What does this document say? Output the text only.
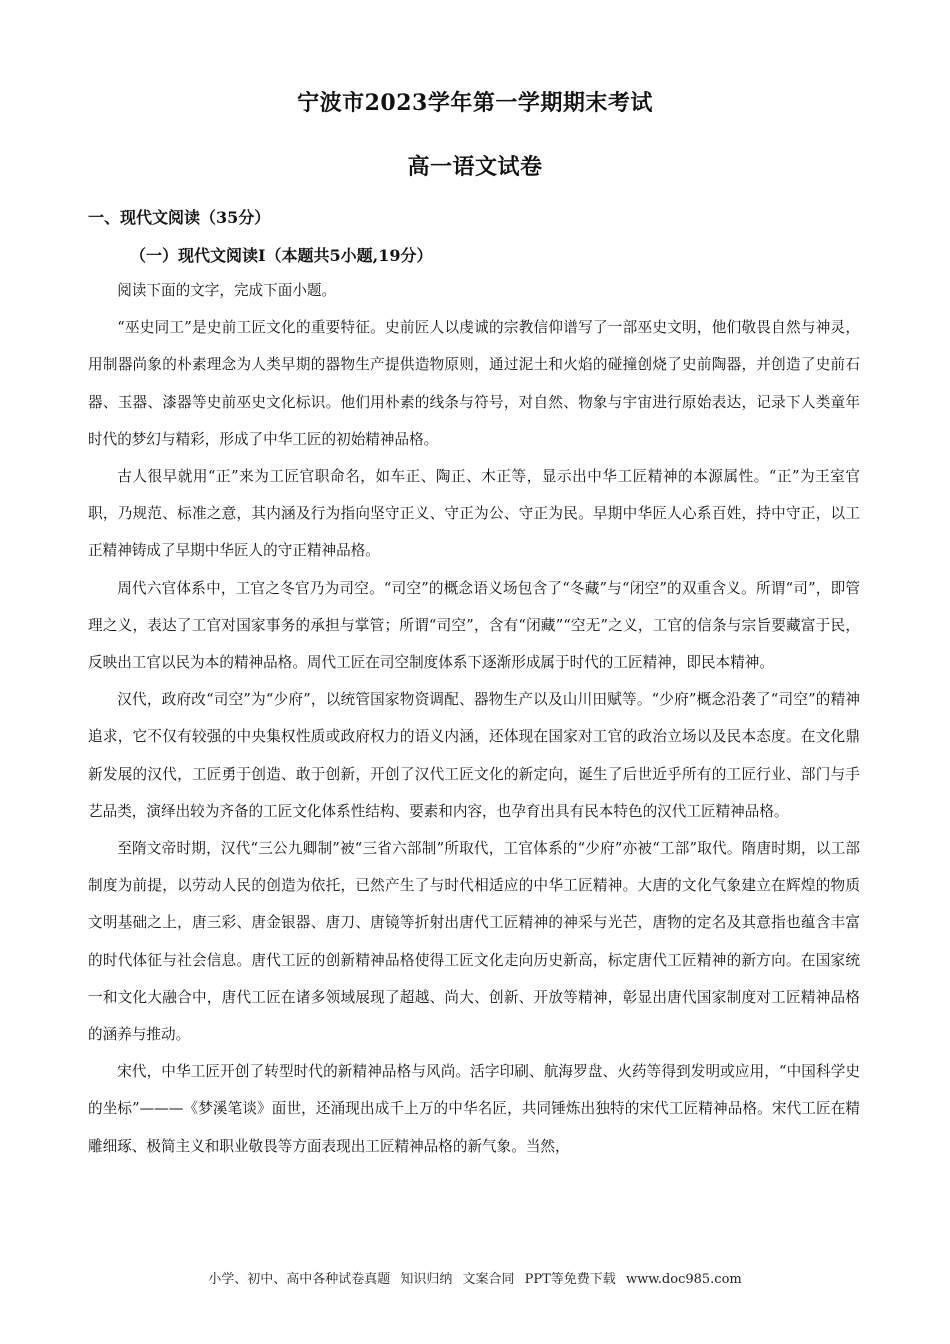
宁波市2023学年第一学期期末考试
高一语文试卷
一、现代文阅读（35分）
（一）现代文阅读Ⅰ（本题共5小题,19分）

阅读下面的文字，完成下面小题。

“巫史同工”是史前工匠文化的重要特征。史前匠人以虔诚的宗教信仰谱写了一部巫史文明，他们敬畏自然与神灵，用制器尚象的朴素理念为人类早期的器物生产提供造物原则，通过泥土和火焰的碰撞创烧了史前陶器，并创造了史前石器、玉器、漆器等史前巫史文化标识。他们用朴素的线条与符号，对自然、物象与宇宙进行原始表达，记录下人类童年时代的梦幻与精彩，形成了中华工匠的初始精神品格。

古人很早就用“正”来为工匠官职命名，如车正、陶正、木正等，显示出中华工匠精神的本源属性。“正”为王室官职，乃规范、标准之意，其内涵及行为指向坚守正义、守正为公、守正为民。早期中华匠人心系百姓，持中守正，以工正精神铸成了早期中华匠人的守正精神品格。

周代六官体系中，工官之冬官乃为司空。“司空”的概念语义场包含了“冬藏”与“闭空”的双重含义。所谓“司”，即管理之义，表达了工官对国家事务的承担与掌管；所谓“司空”，含有“闭藏”“空无”之义，工官的信条与宗旨要藏富于民，反映出工官以民为本的精神品格。周代工匠在司空制度体系下逐渐形成属于时代的工匠精神，即民本精神。

汉代，政府改“司空”为“少府”，以统管国家物资调配、器物生产以及山川田赋等。“少府”概念沿袭了“司空”的精神追求，它不仅有较强的中央集权性质或政府权力的语义内涵，还体现在国家对工官的政治立场以及民本态度。在文化鼎新发展的汉代，工匠勇于创造、敢于创新，开创了汉代工匠文化的新定向，诞生了后世近乎所有的工匠行业、部门与手艺品类，演绎出较为齐备的工匠文化体系性结构、要素和内容，也孕育出具有民本特色的汉代工匠精神品格。

至隋文帝时期，汉代“三公九卿制”被“三省六部制”所取代，工官体系的“少府”亦被“工部”取代。隋唐时期，以工部制度为前提，以劳动人民的创造为依托，已然产生了与时代相适应的中华工匠精神。大唐的文化气象建立在辉煌的物质文明基础之上，唐三彩、唐金银器、唐刀、唐镜等折射出唐代工匠精神的神采与光芒，唐物的定名及其意指也蕴含丰富的时代体征与社会信息。唐代工匠的创新精神品格使得工匠文化走向历史新高，标定唐代工匠精神的新方向。在国家统一和文化大融合中，唐代工匠在诸多领域展现了超越、尚大、创新、开放等精神，彰显出唐代国家制度对工匠精神品格的涵养与推动。

宋代，中华工匠开创了转型时代的新精神品格与风尚。活字印刷、航海罗盘、火药等得到发明或应用，“中国科学史的坐标”———《梦溪笔谈》面世，还涌现出成千上万的中华名匠，共同锤炼出独特的宋代工匠精神品格。宋代工匠在精雕细琢、极简主义和职业敬畏等方面表现出工匠精神品格的新气象。当然，

小学、初中、高中各种试卷真题 知识归纳 文案合同 PPT等免费下载 www.doc985.com
